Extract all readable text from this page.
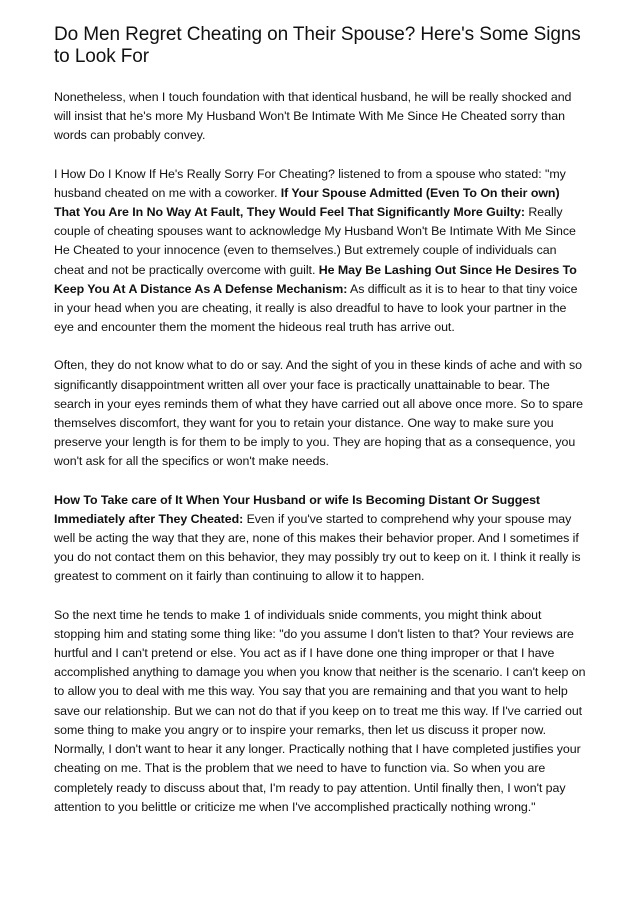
Do Men Regret Cheating on Their Spouse? Here's Some Signs to Look For

Nonetheless, when I touch foundation with that identical husband, he will be really shocked and will insist that he's more My Husband Won't Be Intimate With Me Since He Cheated sorry than words can probably convey.

I How Do I Know If He's Really Sorry For Cheating? listened to from a spouse who stated: "my husband cheated on me with a coworker. If Your Spouse Admitted (Even To On their own) That You Are In No Way At Fault, They Would Feel That Significantly More Guilty: Really couple of cheating spouses want to acknowledge My Husband Won't Be Intimate With Me Since He Cheated to your innocence (even to themselves.) But extremely couple of individuals can cheat and not be practically overcome with guilt. He May Be Lashing Out Since He Desires To Keep You At A Distance As A Defense Mechanism: As difficult as it is to hear to that tiny voice in your head when you are cheating, it really is also dreadful to have to look your partner in the eye and encounter them the moment the hideous real truth has arrive out.

Often, they do not know what to do or say. And the sight of you in these kinds of ache and with so significantly disappointment written all over your face is practically unattainable to bear. The search in your eyes reminds them of what they have carried out all above once more. So to spare themselves discomfort, they want for you to retain your distance. One way to make sure you preserve your length is for them to be imply to you. They are hoping that as a consequence, you won't ask for all the specifics or won't make needs.

How To Take care of It When Your Husband or wife Is Becoming Distant Or Suggest Immediately after They Cheated: Even if you've started to comprehend why your spouse may well be acting the way that they are, none of this makes their behavior proper. And I sometimes if you do not contact them on this behavior, they may possibly try out to keep on it. I think it really is greatest to comment on it fairly than continuing to allow it to happen.

So the next time he tends to make 1 of individuals snide comments, you might think about stopping him and stating some thing like: "do you assume I don't listen to that? Your reviews are hurtful and I can't pretend or else. You act as if I have done one thing improper or that I have accomplished anything to damage you when you know that neither is the scenario. I can't keep on to allow you to deal with me this way. You say that you are remaining and that you want to help save our relationship. But we can not do that if you keep on to treat me this way. If I've carried out some thing to make you angry or to inspire your remarks, then let us discuss it proper now. Normally, I don't want to hear it any longer. Practically nothing that I have completed justifies your cheating on me. That is the problem that we need to have to function via. So when you are completely ready to discuss about that, I'm ready to pay attention. Until finally then, I won't pay attention to you belittle or criticize me when I've accomplished practically nothing wrong."
